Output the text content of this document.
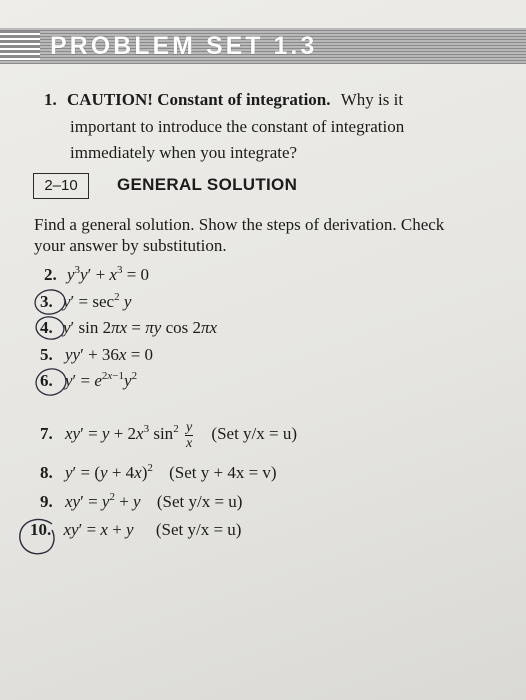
PROBLEM SET 1.3
1. CAUTION! Constant of integration. Why is it
important to introduce the constant of integration
immediately when you integrate?
2–10	GENERAL SOLUTION
Find a general solution. Show the steps of derivation. Check
your answer by substitution.
2. $y^3y' + x^3 = 0$
3. $y' = \sec^2 y$
4. y′ sin 2πx = πy cos 2πx
5. yy′ + 36x = 0
6. $y' = e^{2x-1}y^2$
7. $xy' = y + 2x^3$ $\sin^2 \frac{y}{x} (Set$ y/x = u)
8. $y' = (y + 4x)^2$ (Set y + 4x = v)
9. $xy' = y^2 + y$ (Set y/x = u)
10. xy′ = x + y (Set y/x = u)
